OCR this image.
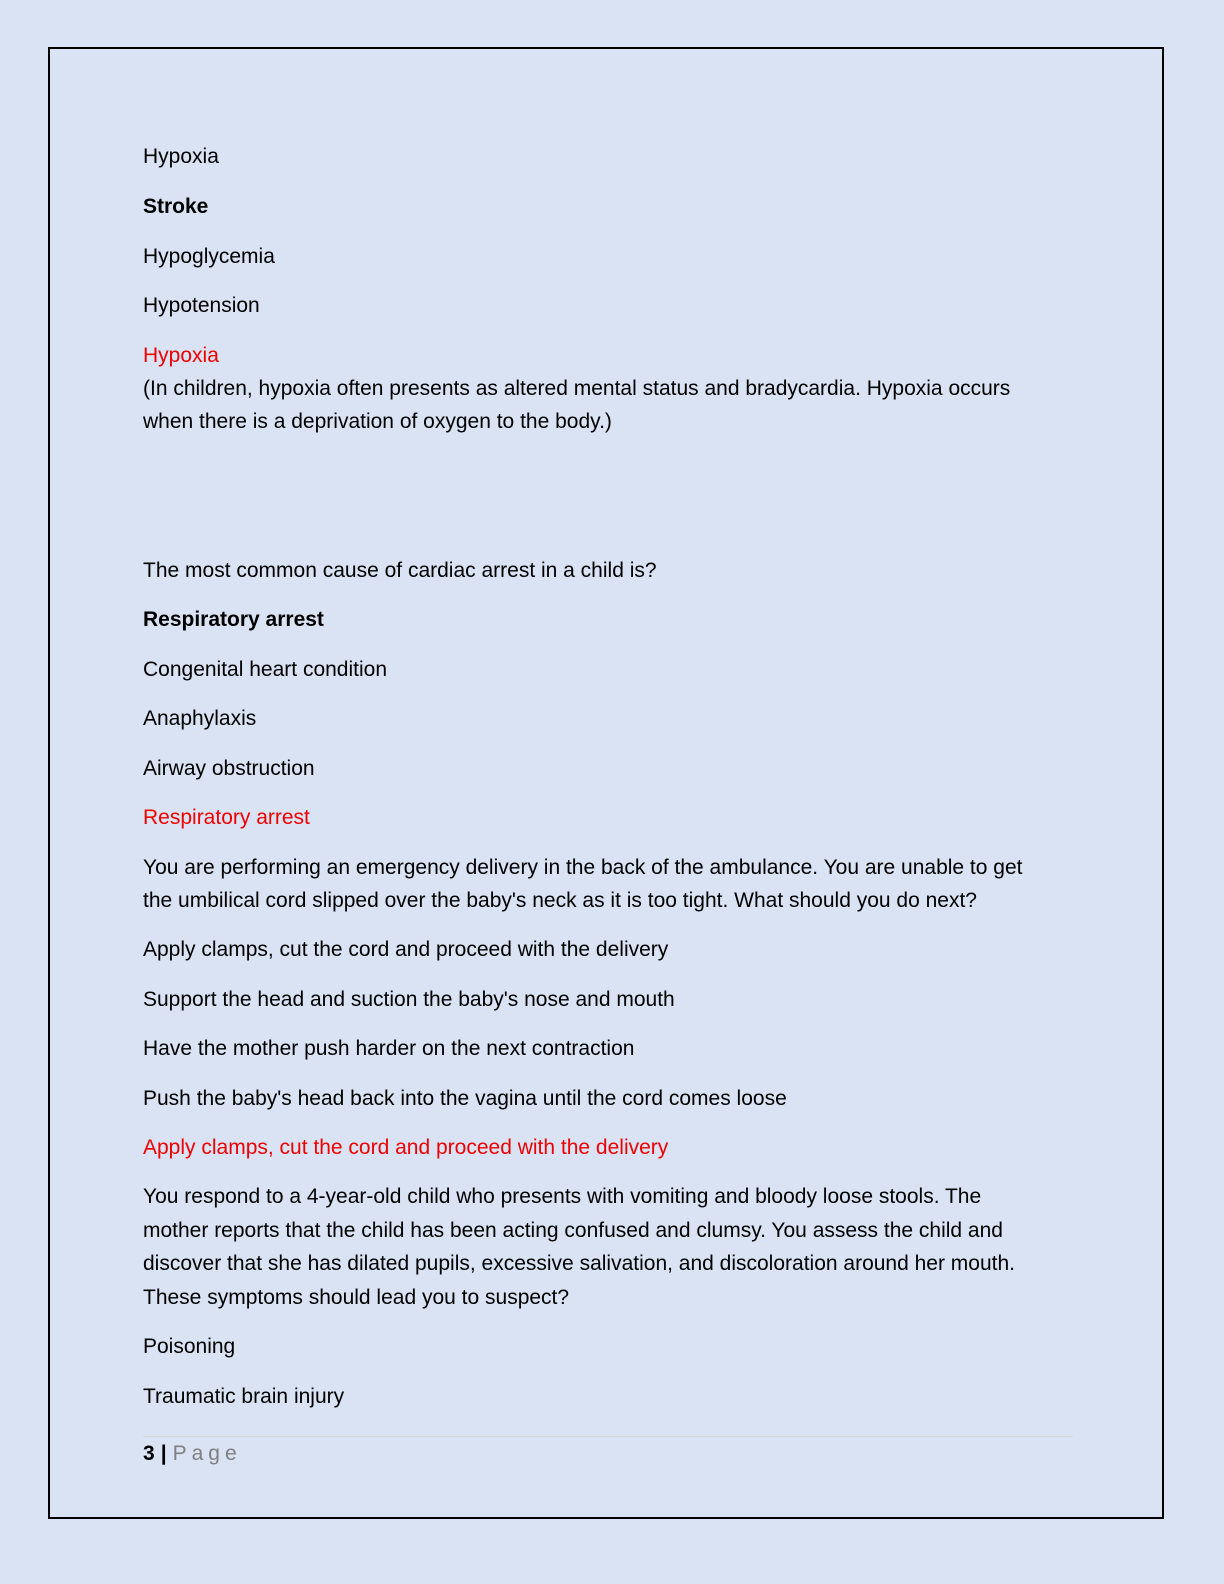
Hypoxia
Stroke
Hypoglycemia
Hypotension
Hypoxia
(In children, hypoxia often presents as altered mental status and bradycardia. Hypoxia occurs
when there is a deprivation of oxygen to the body.)
The most common cause of cardiac arrest in a child is?
Respiratory arrest
Congenital heart condition
Anaphylaxis
Airway obstruction
Respiratory arrest
You are performing an emergency delivery in the back of the ambulance. You are unable to get
the umbilical cord slipped over the baby's neck as it is too tight. What should you do next?
Apply clamps, cut the cord and proceed with the delivery
Support the head and suction the baby's nose and mouth
Have the mother push harder on the next contraction
Push the baby's head back into the vagina until the cord comes loose
Apply clamps, cut the cord and proceed with the delivery
You respond to a 4-year-old child who presents with vomiting and bloody loose stools. The
mother reports that the child has been acting confused and clumsy. You assess the child and
discover that she has dilated pupils, excessive salivation, and discoloration around her mouth.
These symptoms should lead you to suspect?
Poisoning
Traumatic brain injury
3 | Page
